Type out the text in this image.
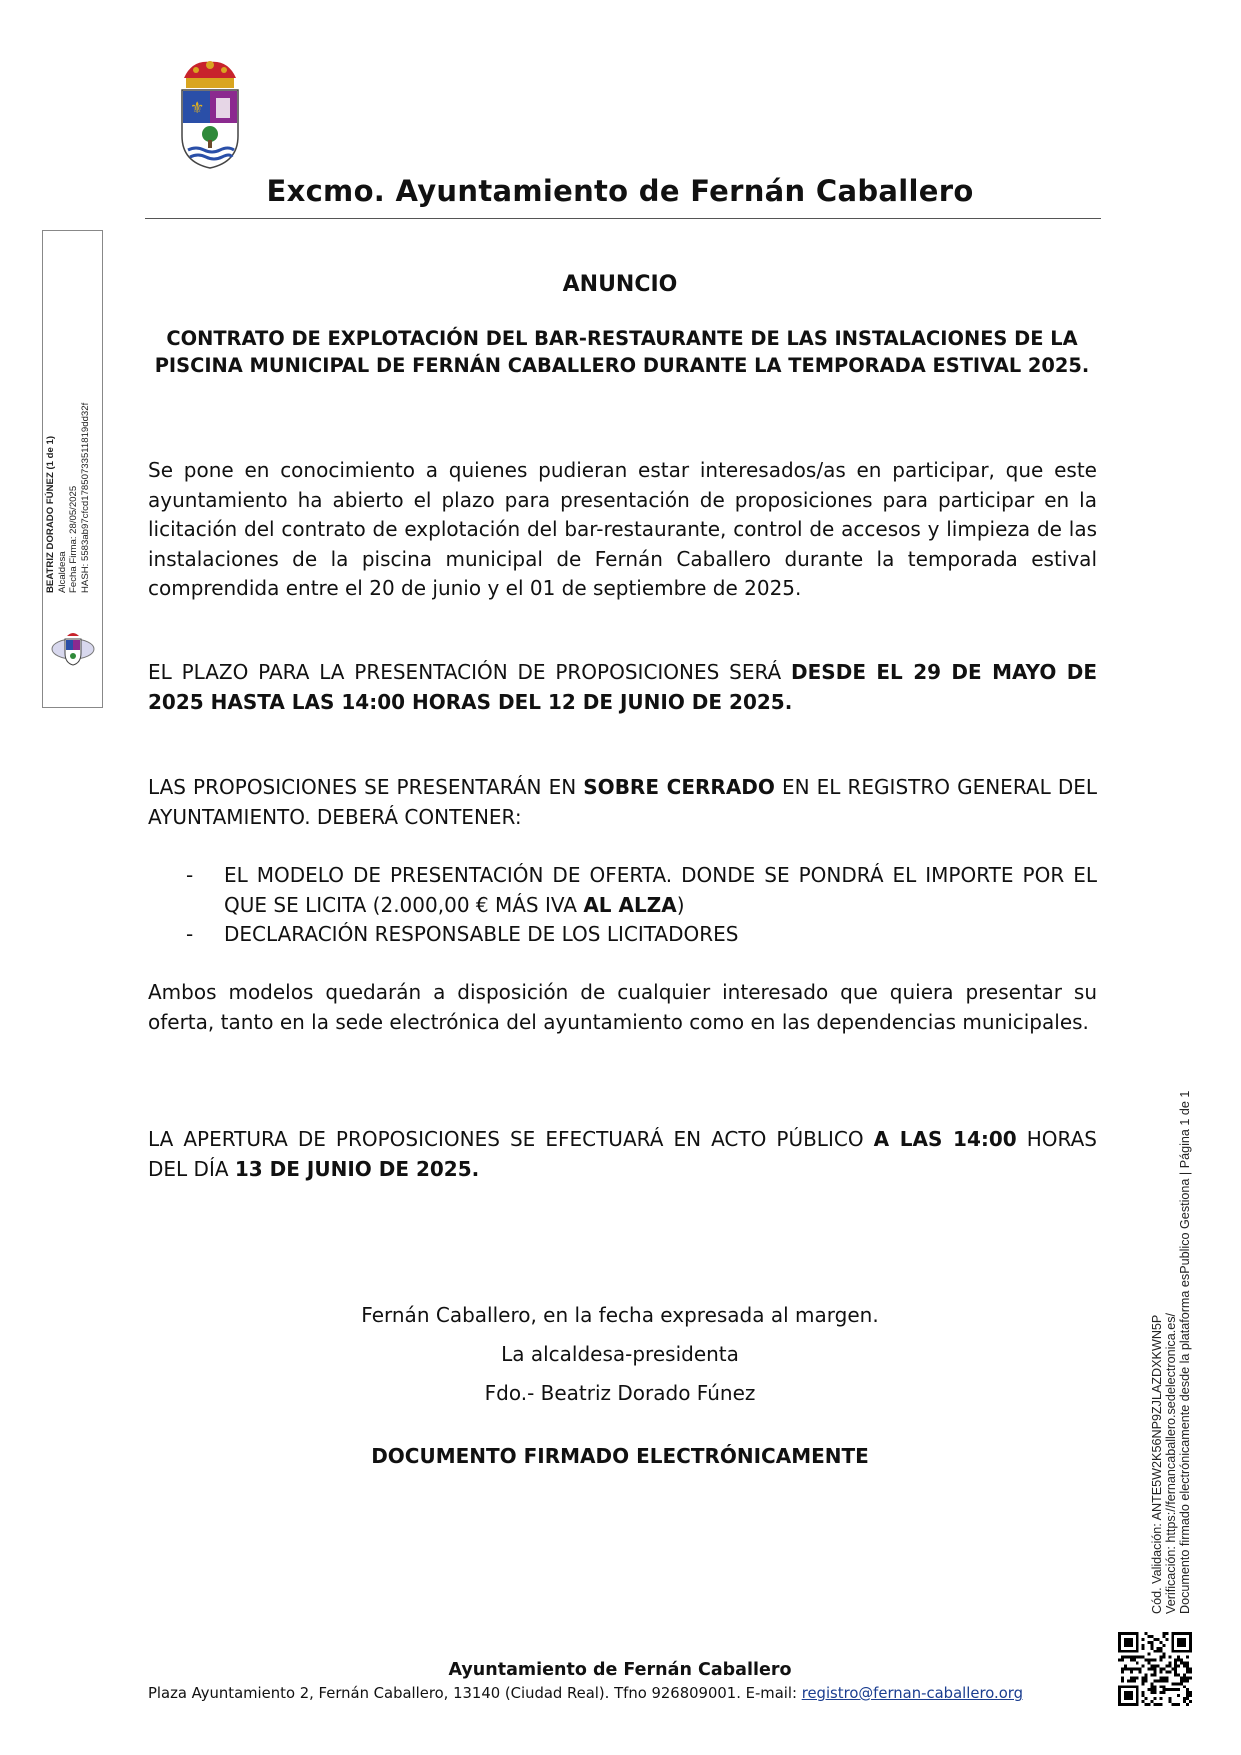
⚜
Excmo. Ayuntamiento de Fernán Caballero
BEATRIZ DORADO FÚNEZ (1 de 1) Alcaldesa Fecha Firma: 28/05/2025 HASH: 5583ab97cfcd17850733511819dd32f
ANUNCIO
CONTRATO DE EXPLOTACIÓN DEL BAR-RESTAURANTE DE LAS INSTALACIONES DE LA PISCINA MUNICIPAL DE FERNÁN CABALLERO DURANTE LA TEMPORADA ESTIVAL 2025.
Se pone en conocimiento a quienes pudieran estar interesados/as en participar, que este ayuntamiento ha abierto el plazo para presentación de proposiciones para participar en la licitación del contrato de explotación del bar-restaurante, control de accesos y limpieza de las instalaciones de la piscina municipal de Fernán Caballero durante la temporada estival comprendida entre el 20 de junio y el 01 de septiembre de 2025.
EL PLAZO PARA LA PRESENTACIÓN DE PROPOSICIONES SERÁ DESDE EL 29 DE MAYO DE 2025 HASTA LAS 14:00 HORAS DEL 12 DE JUNIO DE 2025.
LAS PROPOSICIONES SE PRESENTARÁN EN SOBRE CERRADO EN EL REGISTRO GENERAL DEL AYUNTAMIENTO. DEBERÁ CONTENER:
- EL MODELO DE PRESENTACIÓN DE OFERTA. DONDE SE PONDRÁ EL IMPORTE POR EL QUE SE LICITA (2.000,00 € MÁS IVA AL ALZA)
- DECLARACIÓN RESPONSABLE DE LOS LICITADORES
Ambos modelos quedarán a disposición de cualquier interesado que quiera presentar su oferta, tanto en la sede electrónica del ayuntamiento como en las dependencias municipales.
LA APERTURA DE PROPOSICIONES SE EFECTUARÁ EN ACTO PÚBLICO A LAS 14:00 HORAS DEL DÍA 13 DE JUNIO DE 2025.
Fernán Caballero, en la fecha expresada al margen.
La alcaldesa-presidenta
Fdo.- Beatriz Dorado Fúnez
DOCUMENTO FIRMADO ELECTRÓNICAMENTE
Ayuntamiento de Fernán Caballero
Plaza Ayuntamiento 2, Fernán Caballero, 13140 (Ciudad Real). Tfno 926809001. E-mail: registro@fernan-caballero.org
Cód. Validación: ANTE5W2K56NP9ZJLAZDXKWN5P Verificación: https://fernancaballero.sedelectronica.es/ Documento firmado electrónicamente desde la plataforma esPublico Gestiona | Página 1 de 1
